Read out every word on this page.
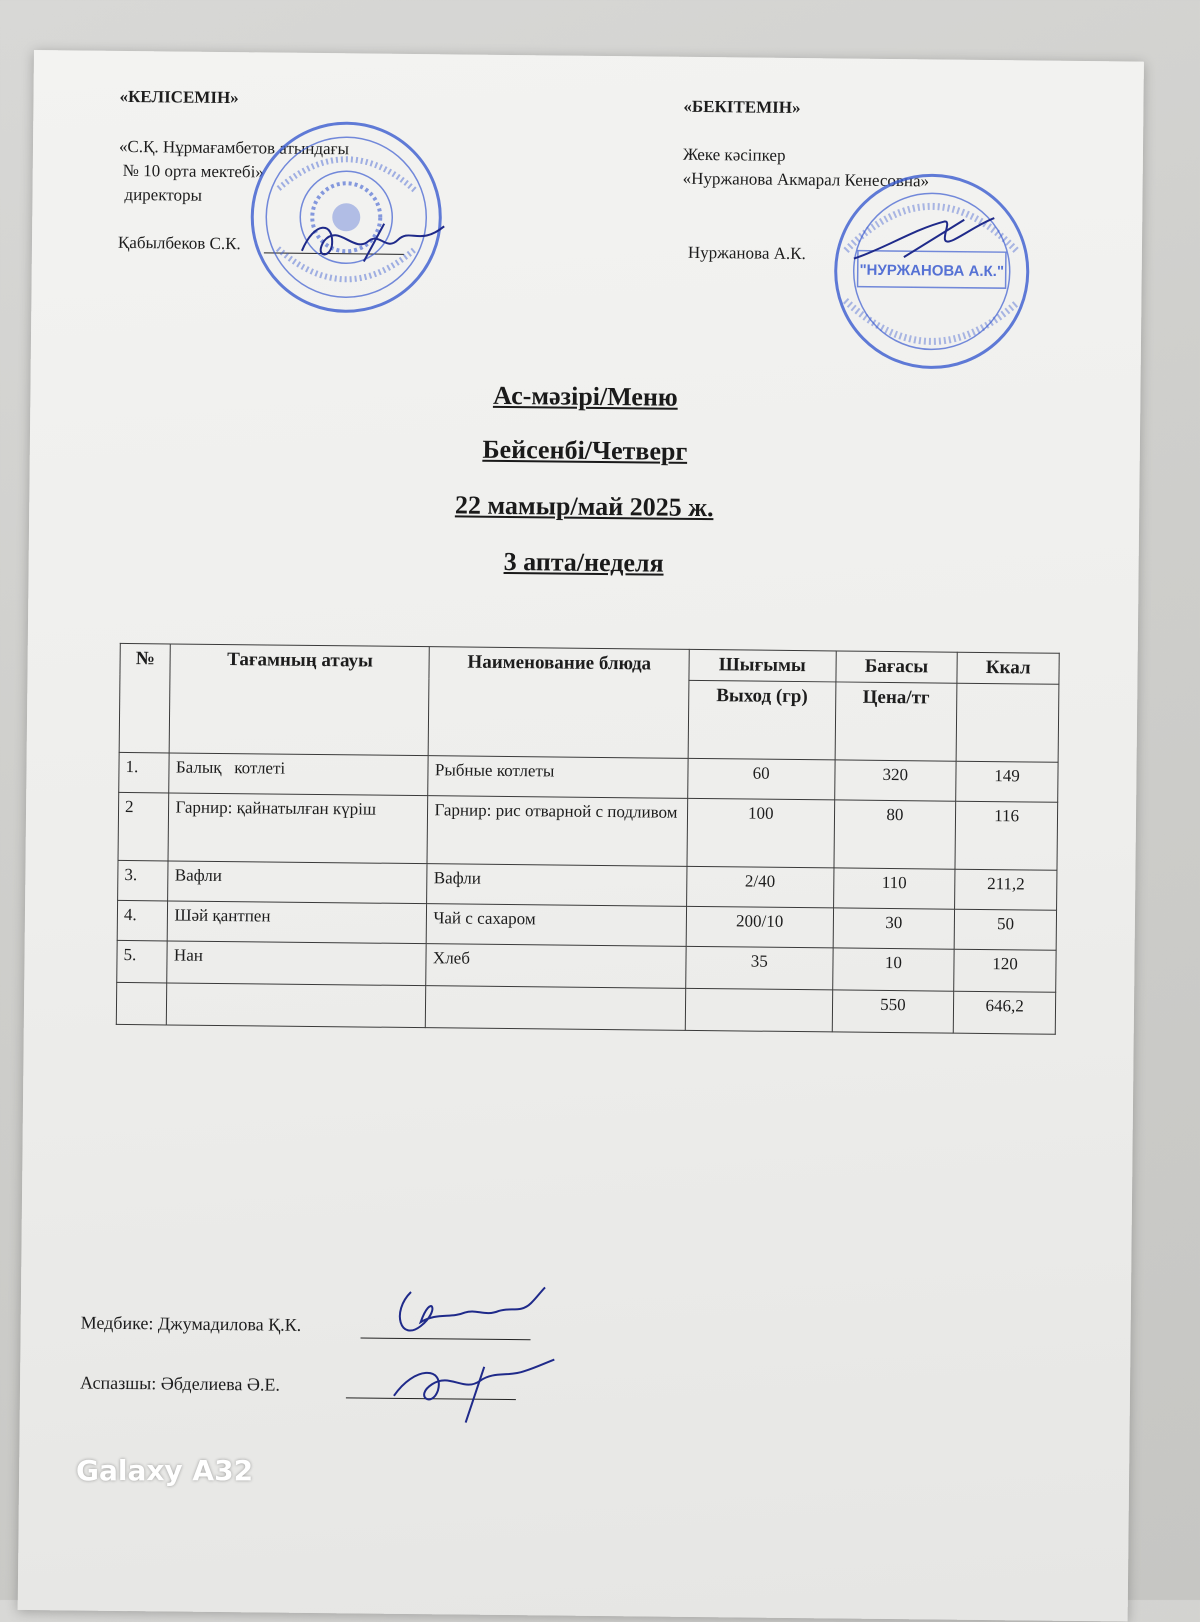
«КЕЛІСЕМІН»
«С.Қ. Нұрмағамбетов атындағы
№ 10 орта мектебі»
директоры
Қабылбеков С.К.
«БЕКІТЕМІН»
Жеке кәсіпкер
«Нуржанова Акмарал Кенесовна»
Нуржанова А.К.
"НУРЖАНОВА А.К."
Ас-мәзірі/Меню
Бейсенбі/Четверг
22 мамыр/май 2025 ж.
3 апта/неделя
№	Тағамның атауы	Наименование блюда	Шығымы	Бағасы	Ккал
			Выход (гр)	Цена/тг	
1.	Балық   котлеті	Рыбные котлеты	60	320	149
2	Гарнир: қайнатылған күріш	Гарнир: рис отварной с подливом	100	80	116
3.	Вафли	Вафли	2/40	110	211,2
4.	Шәй қантпен	Чай с сахаром	200/10	30	50
5.	Нан	Хлеб	35	10	120
				550	646,2
Медбике: Джумадилова Қ.К.
Аспазшы: Әбделиева Ә.Е.
Galaxy A32
